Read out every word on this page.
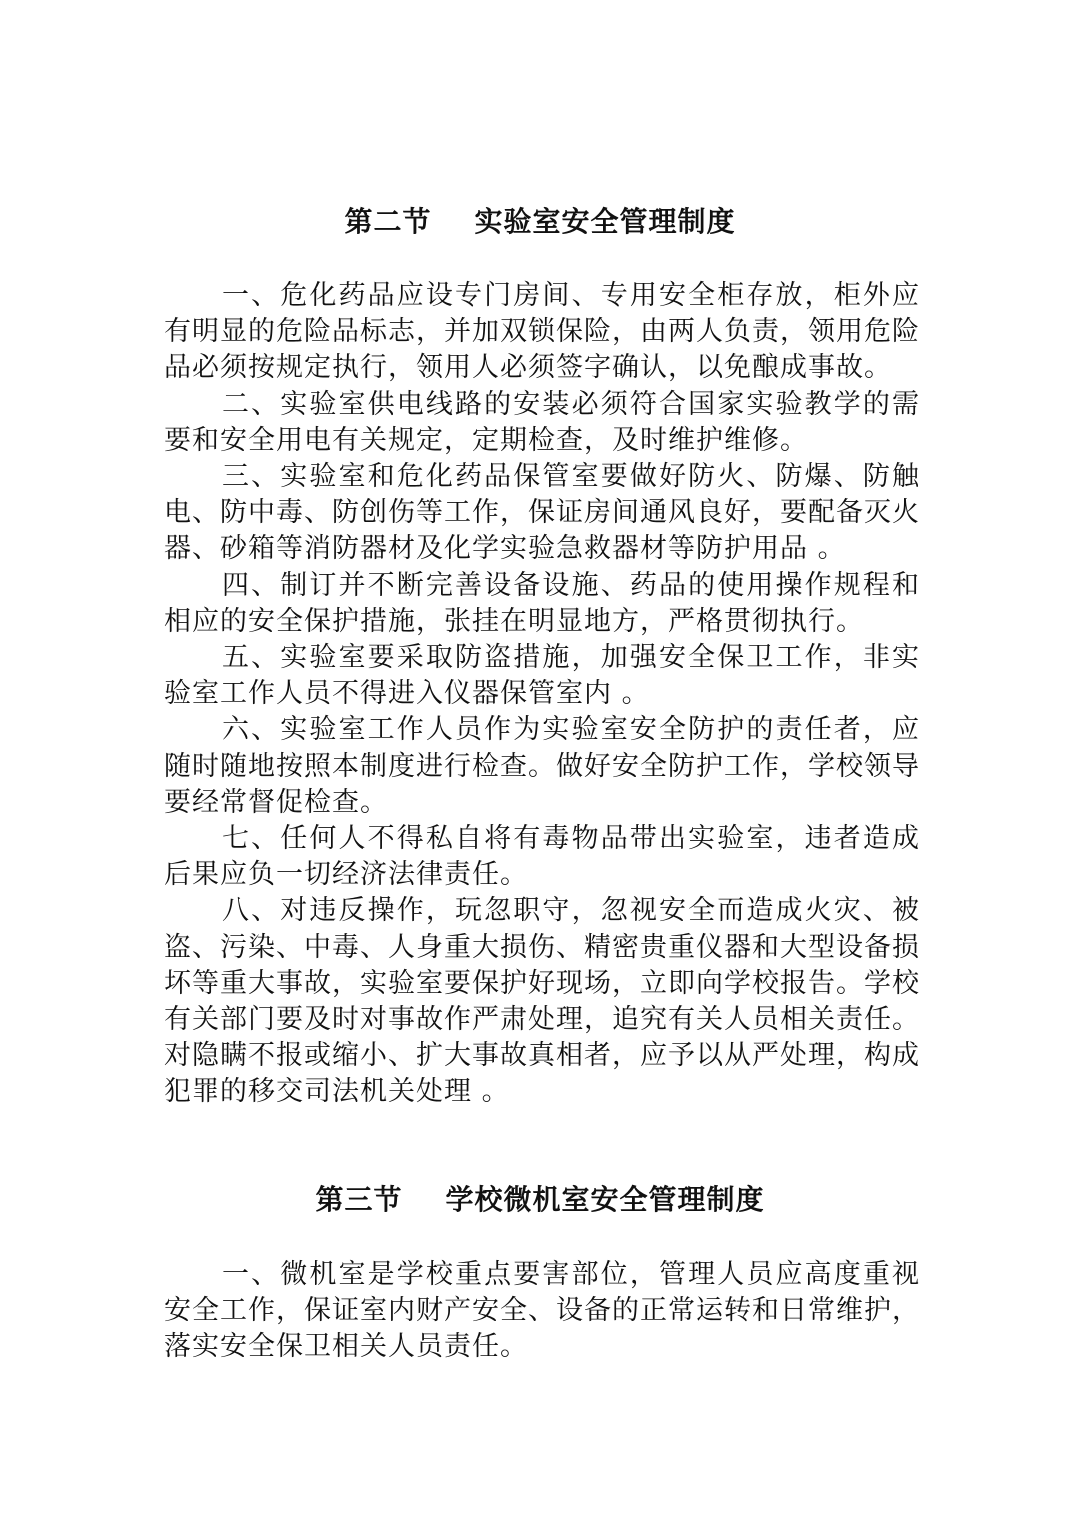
第二节    实验室安全管理制度

一、危化药品应设专门房间、专用安全柜存放，柜外应有明显的危险品标志，并加双锁保险，由两人负责，领用危险品必须按规定执行，领用人必须签字确认，以免酿成事故。

二、实验室供电线路的安装必须符合国家实验教学的需要和安全用电有关规定，定期检查，及时维护维修。

三、实验室和危化药品保管室要做好防火、防爆、防触电、防中毒、防创伤等工作，保证房间通风良好，要配备灭火器、砂箱等消防器材及化学实验急救器材等防护用品 。

四、制订并不断完善设备设施、药品的使用操作规程和相应的安全保护措施，张挂在明显地方，严格贯彻执行。

五、实验室要采取防盗措施，加强安全保卫工作，非实验室工作人员不得进入仪器保管室内 。

六、实验室工作人员作为实验室安全防护的责任者，应随时随地按照本制度进行检查。做好安全防护工作，学校领导要经常督促检查。

七、任何人不得私自将有毒物品带出实验室，违者造成后果应负一切经济法律责任。

八、对违反操作，玩忽职守，忽视安全而造成火灾、被盗、污染、中毒、人身重大损伤、精密贵重仪器和大型设备损坏等重大事故，实验室要保护好现场，立即向学校报告。学校有关部门要及时对事故作严肃处理，追究有关人员相关责任。对隐瞒不报或缩小、扩大事故真相者，应予以从严处理，构成犯罪的移交司法机关处理 。

第三节    学校微机室安全管理制度

一、微机室是学校重点要害部位，管理人员应高度重视安全工作，保证室内财产安全、设备的正常运转和日常维护，落实安全保卫相关人员责任。
